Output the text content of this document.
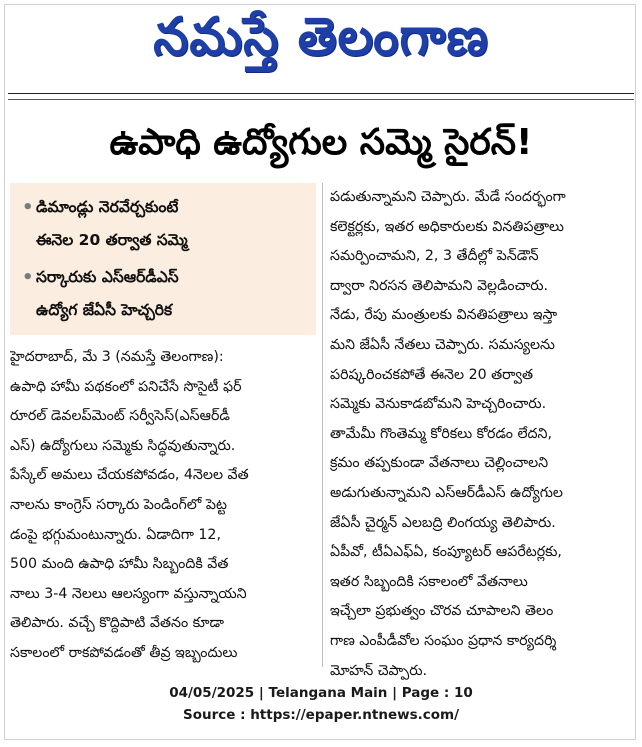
నమస్తే తెలంగాణ
ఉపాధి ఉద్యోగుల సమ్మె సైరన్!
• డిమాండ్లు నెరవేర్చకుంటే
ఈనెల 20 తర్వాత సమ్మె
• సర్కారుకు ఎస్‌ఆర్‌డీఎస్
ఉద్యోగ జేఏసీ హెచ్చరిక
హైదరాబాద్, మే 3 (నమస్తే తెలంగాణ):
ఉపాధి హామీ పథకంలో పనిచేసే సొసైటీ ఫర్
రూరల్ డెవలప్‌మెంట్ సర్వీసెస్(ఎస్‌ఆర్‌డీ
ఎస్) ఉద్యోగులు సమ్మెకు సిద్ధవుతున్నారు.
పేస్కేల్ అమలు చేయకపోవడం, 4నెలల వేత
నాలను కాంగ్రెస్ సర్కారు పెండింగ్‌లో పెట్ట
డంపై భగ్గుమంటున్నారు. ఏడాదిగా 12,
500 మంది ఉపాధి హామీ సిబ్బందికి వేత
నాలు 3-4 నెలలు ఆలస్యంగా వస్తున్నాయని
తెలిపారు. వచ్చే కొద్దిపాటి వేతనం కూడా
సకాలంలో రాకపోవడంతో తీవ్ర ఇబ్బందులు
పడుతున్నామని చెప్పారు. మేడే సందర్భంగా
కలెక్టర్లకు, ఇతర అధికారులకు వినతిపత్రాలు
సమర్పించామని, 2, 3 తేదీల్లో పెన్‌డౌన్
ద్వారా నిరసన తెలిపామని వెల్లడించారు.
నేడు, రేపు మంత్రులకు వినతిపత్రాలు ఇస్తా
మని జేఏసీ నేతలు చెప్పారు. సమస్యలను
పరిష్కరించకపోతే ఈనెల 20 తర్వాత
సమ్మెకు వెనుకాడబోమని హెచ్చరించారు.
తామేమీ గొంతెమ్మ కోరికలు కోరడం లేదని,
క్రమం తప్పకుండా వేతనాలు చెల్లించాలని
అడుగుతున్నామని ఎస్‌ఆర్‌డీఎస్ ఉద్యోగుల
జేఏసీ చైర్మన్ ఎలబద్రి లింగయ్య తెలిపారు.
ఏపీవో, టీఏఎఫ్‌ఏ, కంప్యూటర్ ఆపరేటర్లకు,
ఇతర సిబ్బందికి సకాలంలో వేతనాలు
ఇచ్చేలా ప్రభుత్వం చొరవ చూపాలని తెలం
గాణ ఎంపీడీవోల సంఘం ప్రధాన కార్యదర్శి
మోహన్ చెప్పారు.
04/05/2025 | Telangana Main | Page : 10
Source : https://epaper.ntnews.com/
